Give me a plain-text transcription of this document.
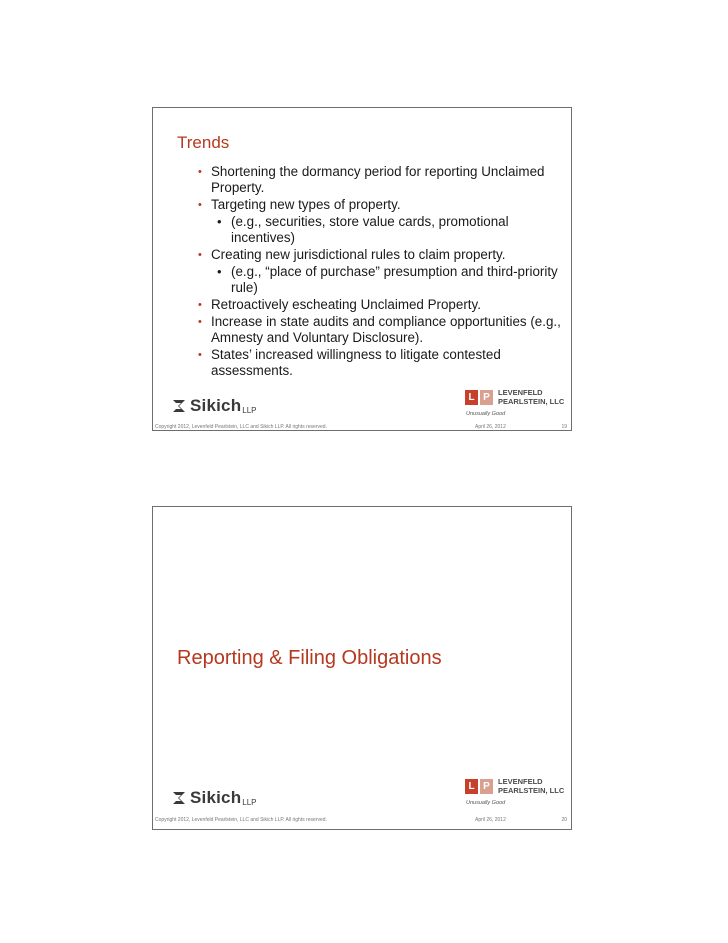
Trends
• Shortening the dormancy period for reporting Unclaimed Property.
• Targeting new types of property.
• (e.g., securities, store value cards, promotional incentives)
• Creating new jurisdictional rules to claim property.
• (e.g., “place of purchase” presumption and third-priority rule)
• Retroactively escheating Unclaimed Property.
• Increase in state audits and compliance opportunities (e.g., Amnesty and Voluntary Disclosure).
• States’ increased willingness to litigate contested assessments.
Sikich LLP
L P	LEVENFELD
PEARLSTEIN, LLC
Unusually Good
Copyright 2012, Levenfeld Pearlstein, LLC and Sikich LLP. All rights reserved.	April 26, 2012	19
Reporting & Filing Obligations
Sikich LLP
L P	LEVENFELD
PEARLSTEIN, LLC
Unusually Good
Copyright 2012, Levenfeld Pearlstein, LLC and Sikich LLP. All rights reserved.	April 26, 2012	20
